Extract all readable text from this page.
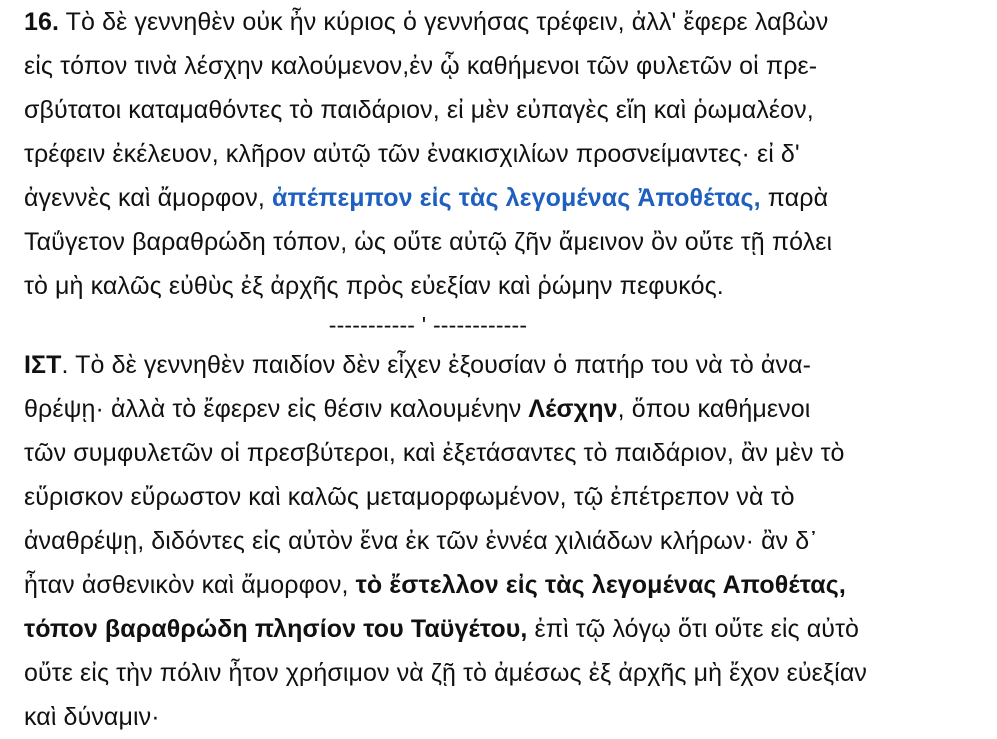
16. Τὸ δὲ γεννηθὲν οὐκ ἦν κύριος ὁ γεννήσας τρέφειν, ἀλλ' ἔφερε λαβὼν
εἰς τόπον τινὰ λέσχην καλούμενον,ἐν ᾧ καθήμενοι τῶν φυλετῶν οἱ πρε-
σβύτατοι καταμαθόντες τὸ παιδάριον, εἰ μὲν εὐπαγὲς εἴη καὶ ῥωμαλέον,
τρέφειν ἐκέλευον, κλῆρον αὐτῷ τῶν ἐνακισχιλίων προσνείμαντες· εἰ δ'
ἀγεννὲς καὶ ἄμορφον, ἀπέπεμπον εἰς τὰς λεγομένας Ἀποθέτας, παρὰ
Ταΰγετον βαραθρώδη τόπον, ὡς οὔτε αὐτῷ ζῆν ἄμεινον ὂν οὔτε τῇ πόλει
τὸ μὴ καλῶς εὐθὺς ἐξ ἀρχῆς πρὸς εὐεξίαν καὶ ῥώμην πεφυκός.
----------- ' ------------
ΙΣΤ. Τὸ δὲ γεννηθὲν παιδίον δὲν εἶχεν ἐξουσίαν ὁ πατήρ του νὰ τὸ ἀνα-
θρέψῃ· ἀλλὰ τὸ ἔφερεν εἰς θέσιν καλουμένην Λέσχην, ὅπου καθήμενοι
τῶν συμφυλετῶν οἱ πρεσβύτεροι, καὶ ἐξετάσαντες τὸ παιδάριον, ἂν μὲν τὸ
εὕρισκον εὔρωστον καὶ καλῶς μεταμορφωμένον, τῷ ἐπέτρεπον νὰ τὸ
ἀναθρέψῃ, διδόντες εἰς αὐτὸν ἕνα ἐκ τῶν ἐννέα χιλιάδων κλήρων· ἂν δ᾽
ἦταν ἀσθενικὸν καὶ ἄμορφον, τὸ ἔστελλον εἰς τὰς λεγομένας Αποθέτας,
τόπον βαραθρώδη πλησίον του Ταϋγέτου, ἐπὶ τῷ λόγῳ ὅτι οὔτε εἰς αὐτὸ
οὔτε εἰς τὴν πόλιν ἦτον χρήσιμον νὰ ζῇ τὸ ἀμέσως ἐξ ἀρχῆς μὴ ἔχον εὐεξίαν
καὶ δύναμιν·
